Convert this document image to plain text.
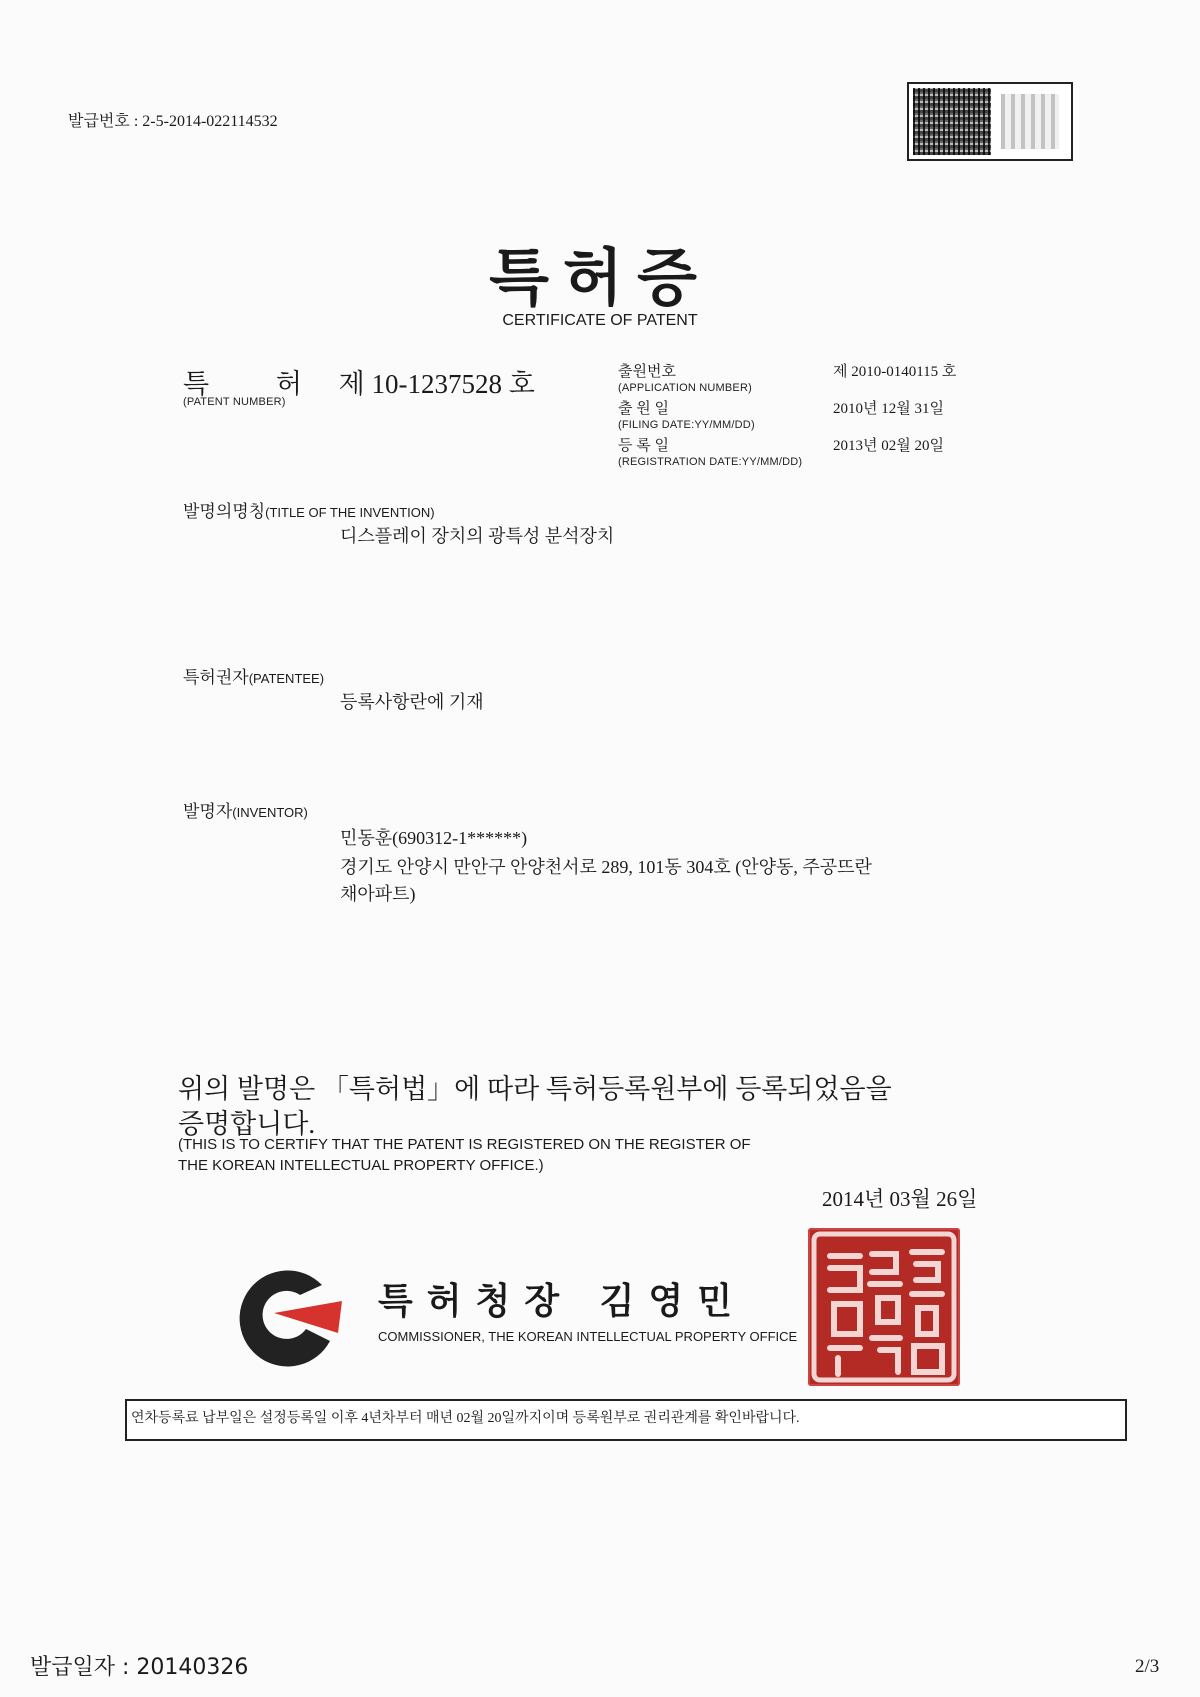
발급번호 : 2-5-2014-022114532
특허증
CERTIFICATE OF PATENT
특 허 제 10-1237528 호
(PATENT NUMBER)
출원번호
(APPLICATION NUMBER)
제 2010-0140115 호
출 원 일
(FILING DATE:YY/MM/DD)
2010년 12월 31일
등 록 일
(REGISTRATION DATE:YY/MM/DD)
2013년 02월 20일
발명의명칭(TITLE OF THE INVENTION)
디스플레이 장치의 광특성 분석장치
특허권자(PATENTEE)
등록사항란에 기재
발명자(INVENTOR)
민동훈(690312-1******)
경기도 안양시 만안구 안양천서로 289, 101동 304호 (안양동, 주공뜨란
채아파트)
위의 발명은 「특허법」에 따라 특허등록원부에 등록되었음을
증명합니다.
(THIS IS TO CERTIFY THAT THE PATENT IS REGISTERED ON THE REGISTER OF
THE KOREAN INTELLECTUAL PROPERTY OFFICE.)
2014년 03월 26일
특허청장 김영민
COMMISSIONER, THE KOREAN INTELLECTUAL PROPERTY OFFICE
연차등록료 납부일은 설정등록일 이후 4년차부터 매년 02월 20일까지이며 등록원부로 권리관계를 확인바랍니다.
발급일자 : 20140326	2/3
